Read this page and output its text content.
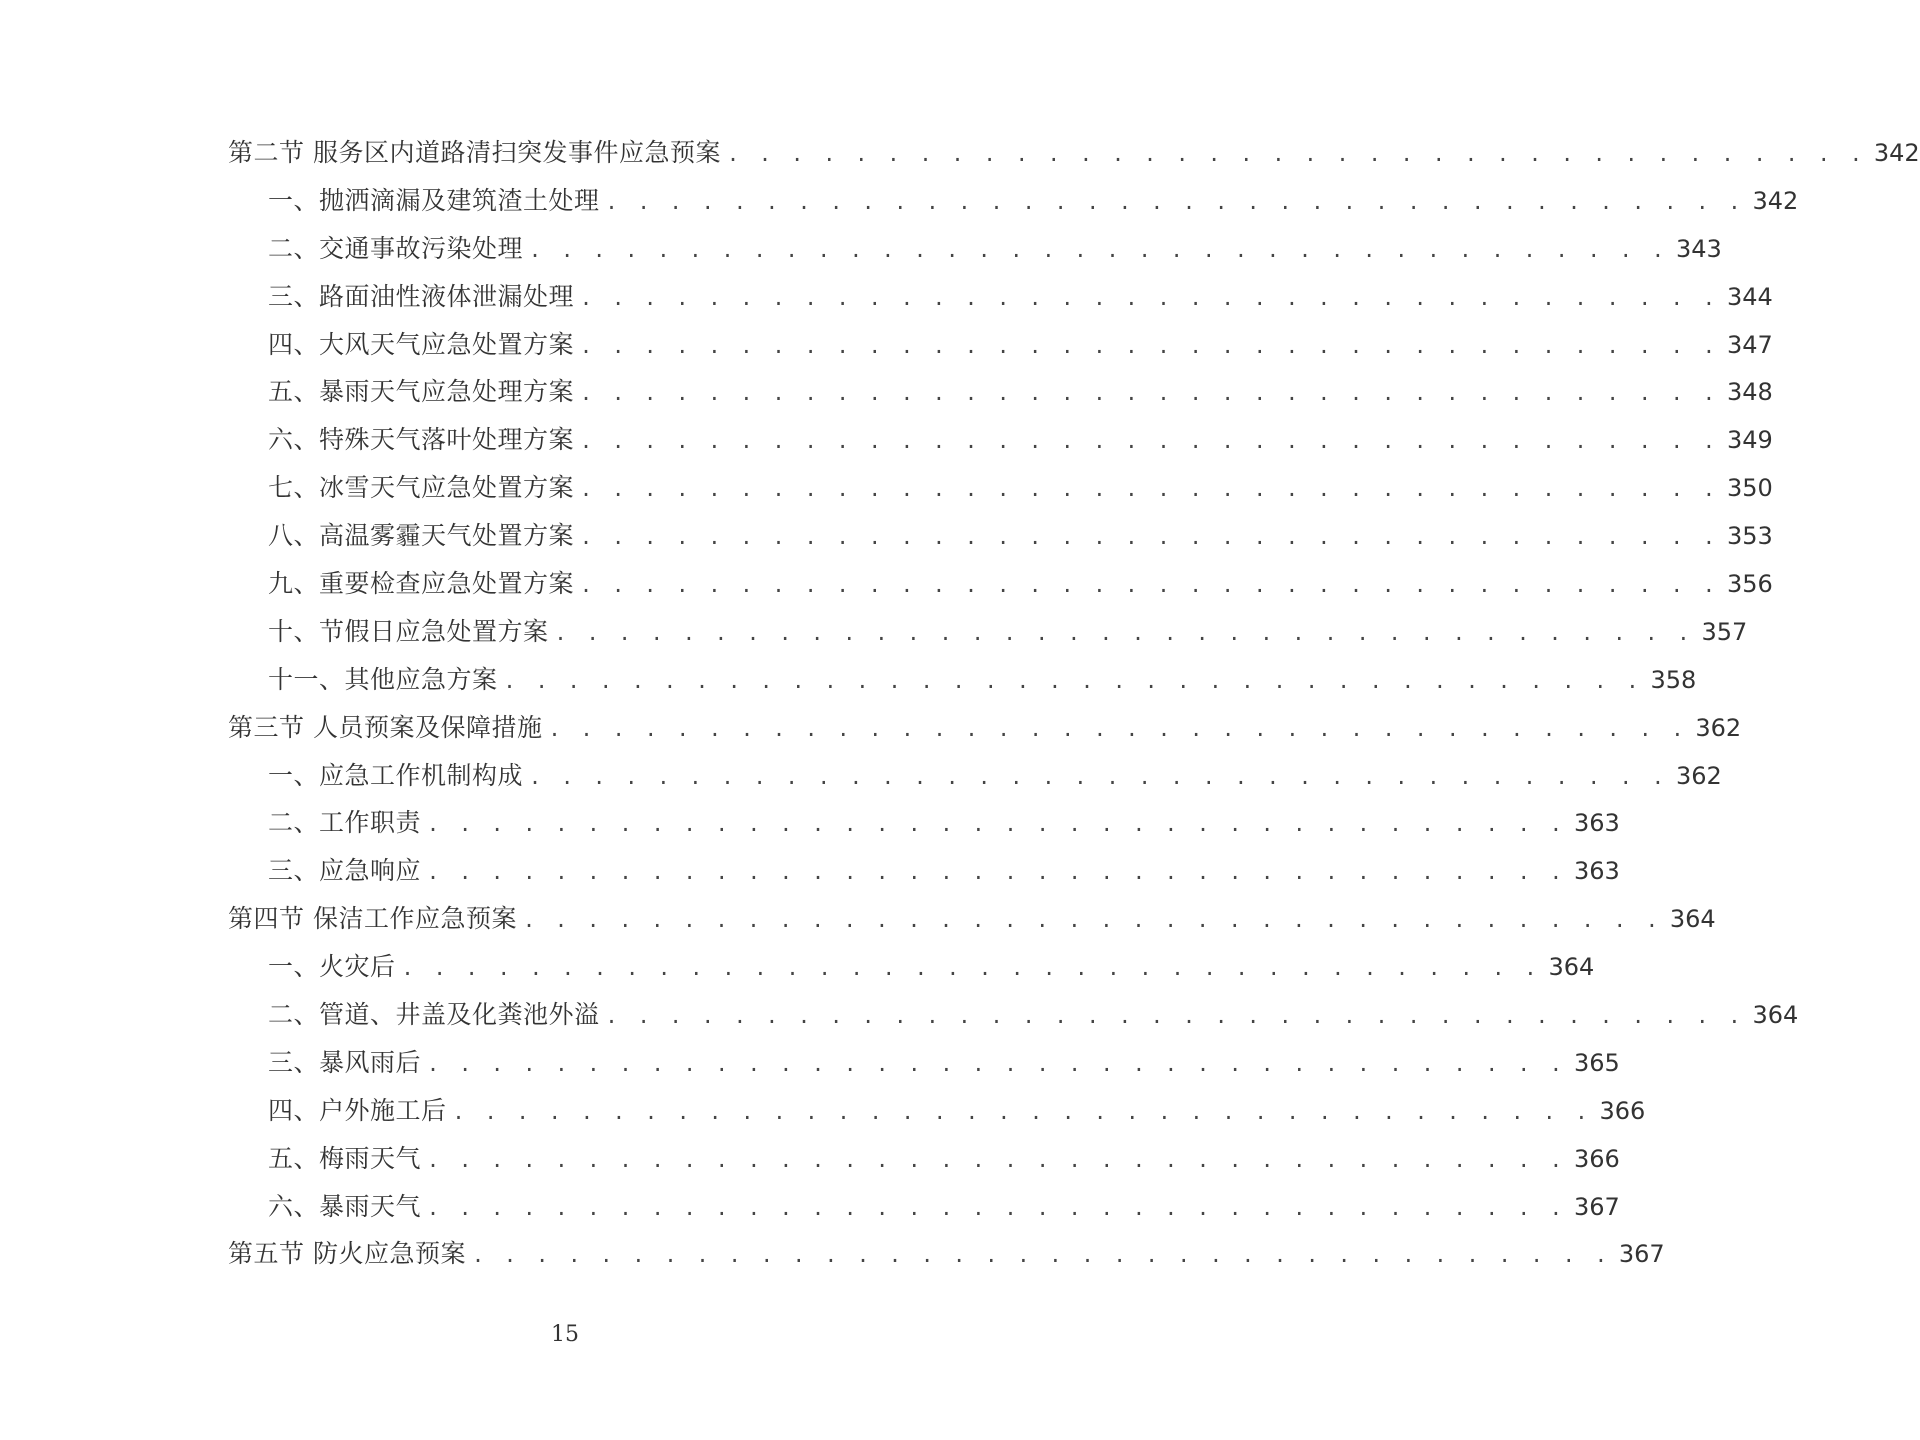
第二节 服务区内道路清扫突发事件应急预案 . . . . . . . . . . . . . . . . . . . . . . . . . . . . . . . . . . . . 342
一、抛洒滴漏及建筑渣土处理 . . . . . . . . . . . . . . . . . . . . . . . . . . . . . . . . . . . . 342
二、交通事故污染处理 . . . . . . . . . . . . . . . . . . . . . . . . . . . . . . . . . . . . 343
三、路面油性液体泄漏处理 . . . . . . . . . . . . . . . . . . . . . . . . . . . . . . . . . . . . 344
四、大风天气应急处置方案 . . . . . . . . . . . . . . . . . . . . . . . . . . . . . . . . . . . . 347
五、暴雨天气应急处理方案 . . . . . . . . . . . . . . . . . . . . . . . . . . . . . . . . . . . . 348
六、特殊天气落叶处理方案 . . . . . . . . . . . . . . . . . . . . . . . . . . . . . . . . . . . . 349
七、冰雪天气应急处置方案 . . . . . . . . . . . . . . . . . . . . . . . . . . . . . . . . . . . . 350
八、高温雾霾天气处置方案 . . . . . . . . . . . . . . . . . . . . . . . . . . . . . . . . . . . . 353
九、重要检查应急处置方案 . . . . . . . . . . . . . . . . . . . . . . . . . . . . . . . . . . . . 356
十、节假日应急处置方案 . . . . . . . . . . . . . . . . . . . . . . . . . . . . . . . . . . . . 357
十一、其他应急方案 . . . . . . . . . . . . . . . . . . . . . . . . . . . . . . . . . . . . 358
第三节 人员预案及保障措施 . . . . . . . . . . . . . . . . . . . . . . . . . . . . . . . . . . . . 362
一、应急工作机制构成 . . . . . . . . . . . . . . . . . . . . . . . . . . . . . . . . . . . . 362
二、工作职责 . . . . . . . . . . . . . . . . . . . . . . . . . . . . . . . . . . . . 363
三、应急响应 . . . . . . . . . . . . . . . . . . . . . . . . . . . . . . . . . . . . 363
第四节 保洁工作应急预案 . . . . . . . . . . . . . . . . . . . . . . . . . . . . . . . . . . . . 364
一、火灾后 . . . . . . . . . . . . . . . . . . . . . . . . . . . . . . . . . . . . 364
二、管道、井盖及化粪池外溢 . . . . . . . . . . . . . . . . . . . . . . . . . . . . . . . . . . . . 364
三、暴风雨后 . . . . . . . . . . . . . . . . . . . . . . . . . . . . . . . . . . . . 365
四、户外施工后 . . . . . . . . . . . . . . . . . . . . . . . . . . . . . . . . . . . . 366
五、梅雨天气 . . . . . . . . . . . . . . . . . . . . . . . . . . . . . . . . . . . . 366
六、暴雨天气 . . . . . . . . . . . . . . . . . . . . . . . . . . . . . . . . . . . . 367
第五节 防火应急预案 . . . . . . . . . . . . . . . . . . . . . . . . . . . . . . . . . . . . 367
15
